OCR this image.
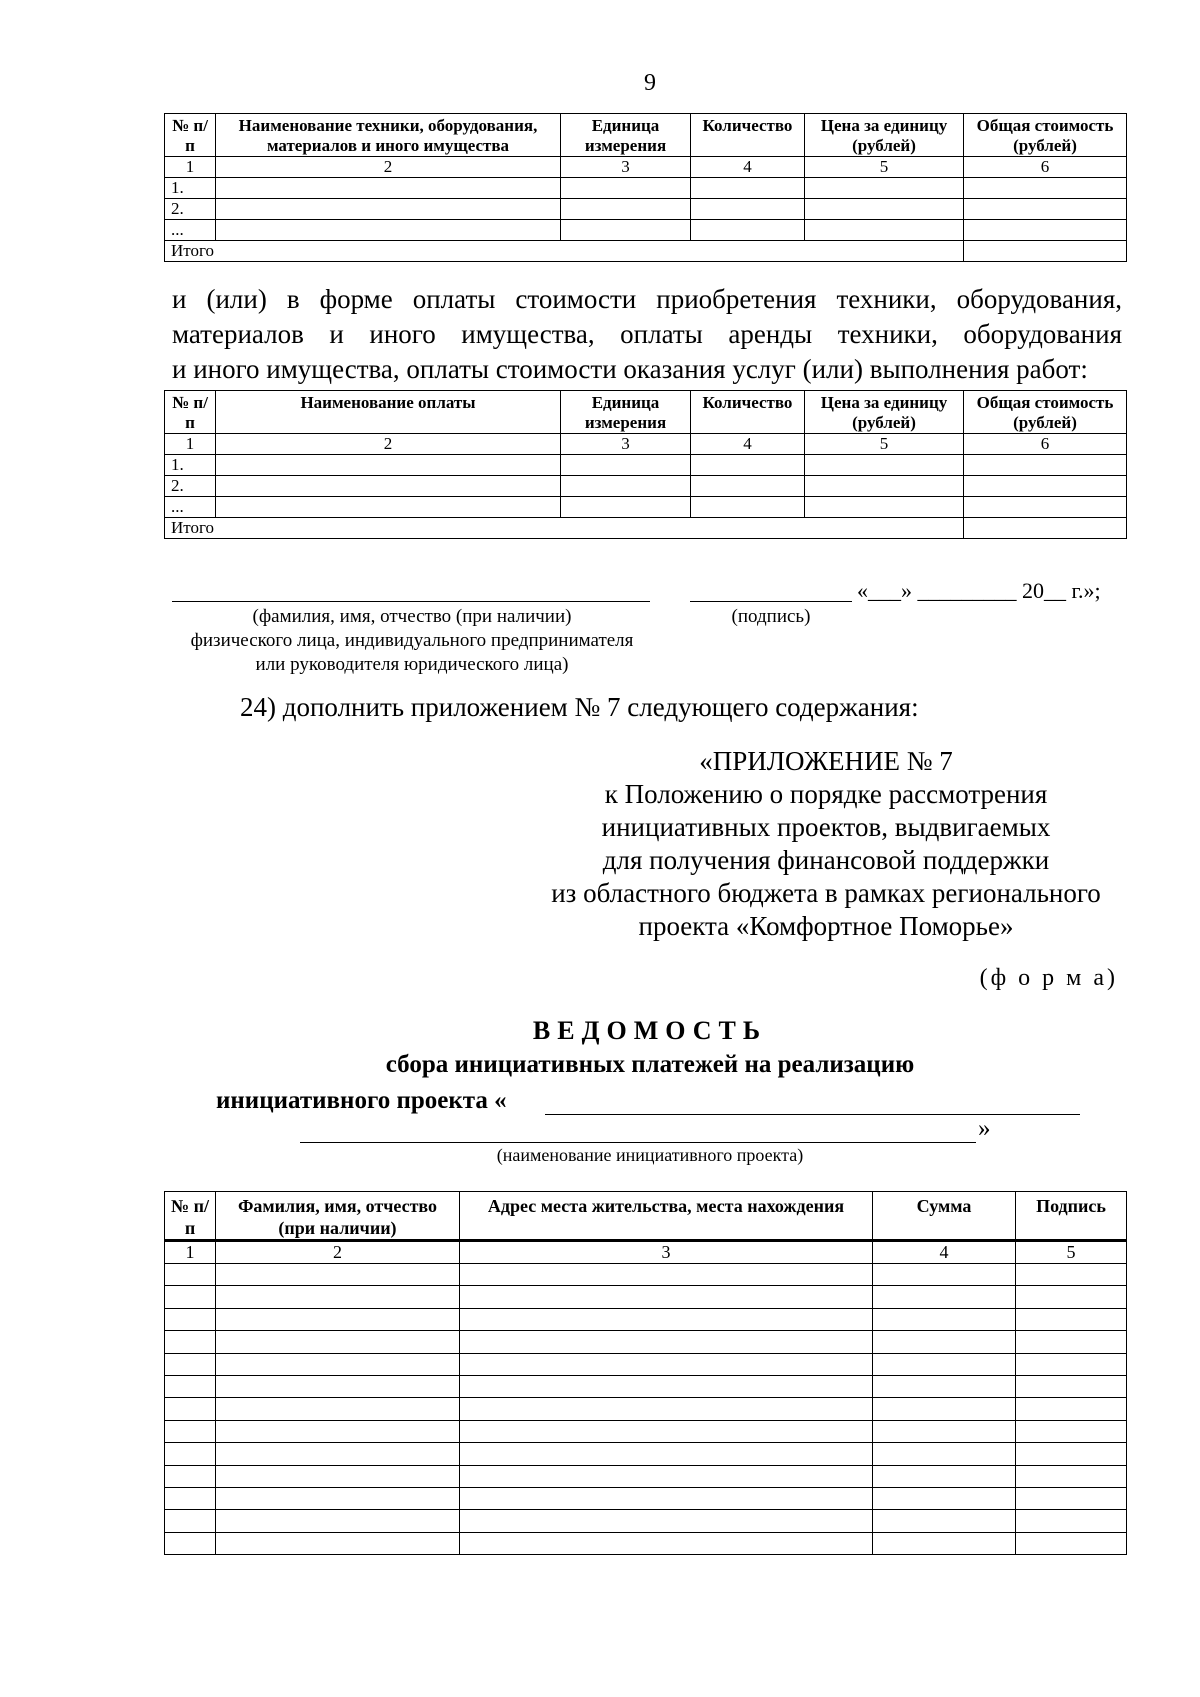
9
№ п/п	Наименование техники, оборудования, материалов и иного имущества	Единица измерения	Количество	Цена за единицу (рублей)	Общая стоимость (рублей)
1	2	3	4	5	6
1.					
2.					
...					
Итого					
и (или) в форме оплаты стоимости приобретения техники, оборудования,
материалов и иного имущества, оплаты аренды техники, оборудования
и иного имущества, оплаты стоимости оказания услуг (или) выполнения работ:
№ п/п	Наименование оплаты	Единица измерения	Количество	Цена за единицу (рублей)	Общая стоимость (рублей)
1	2	3	4	5	6
1.					
2.					
...					
Итого					
«___» _________ 20__ г.»;
(фамилия, имя, отчество (при наличии)
физического лица, индивидуального предпринимателя
или руководителя юридического лица)
(подпись)
24) дополнить приложением № 7 следующего содержания:
«ПРИЛОЖЕНИЕ № 7
к Положению о порядке рассмотрения
инициативных проектов, выдвигаемых
для получения финансовой поддержки
из областного бюджета в рамках регионального
проекта «Комфортное Поморье»
(ф о р м а)
ВЕДОМОСТЬ
сбора инициативных платежей на реализацию
инициативного проекта «
»
(наименование инициативного проекта)
№ п/п	Фамилия, имя, отчество (при наличии)	Адрес места жительства, места нахождения	Сумма	Подпись
1	2	3	4	5
